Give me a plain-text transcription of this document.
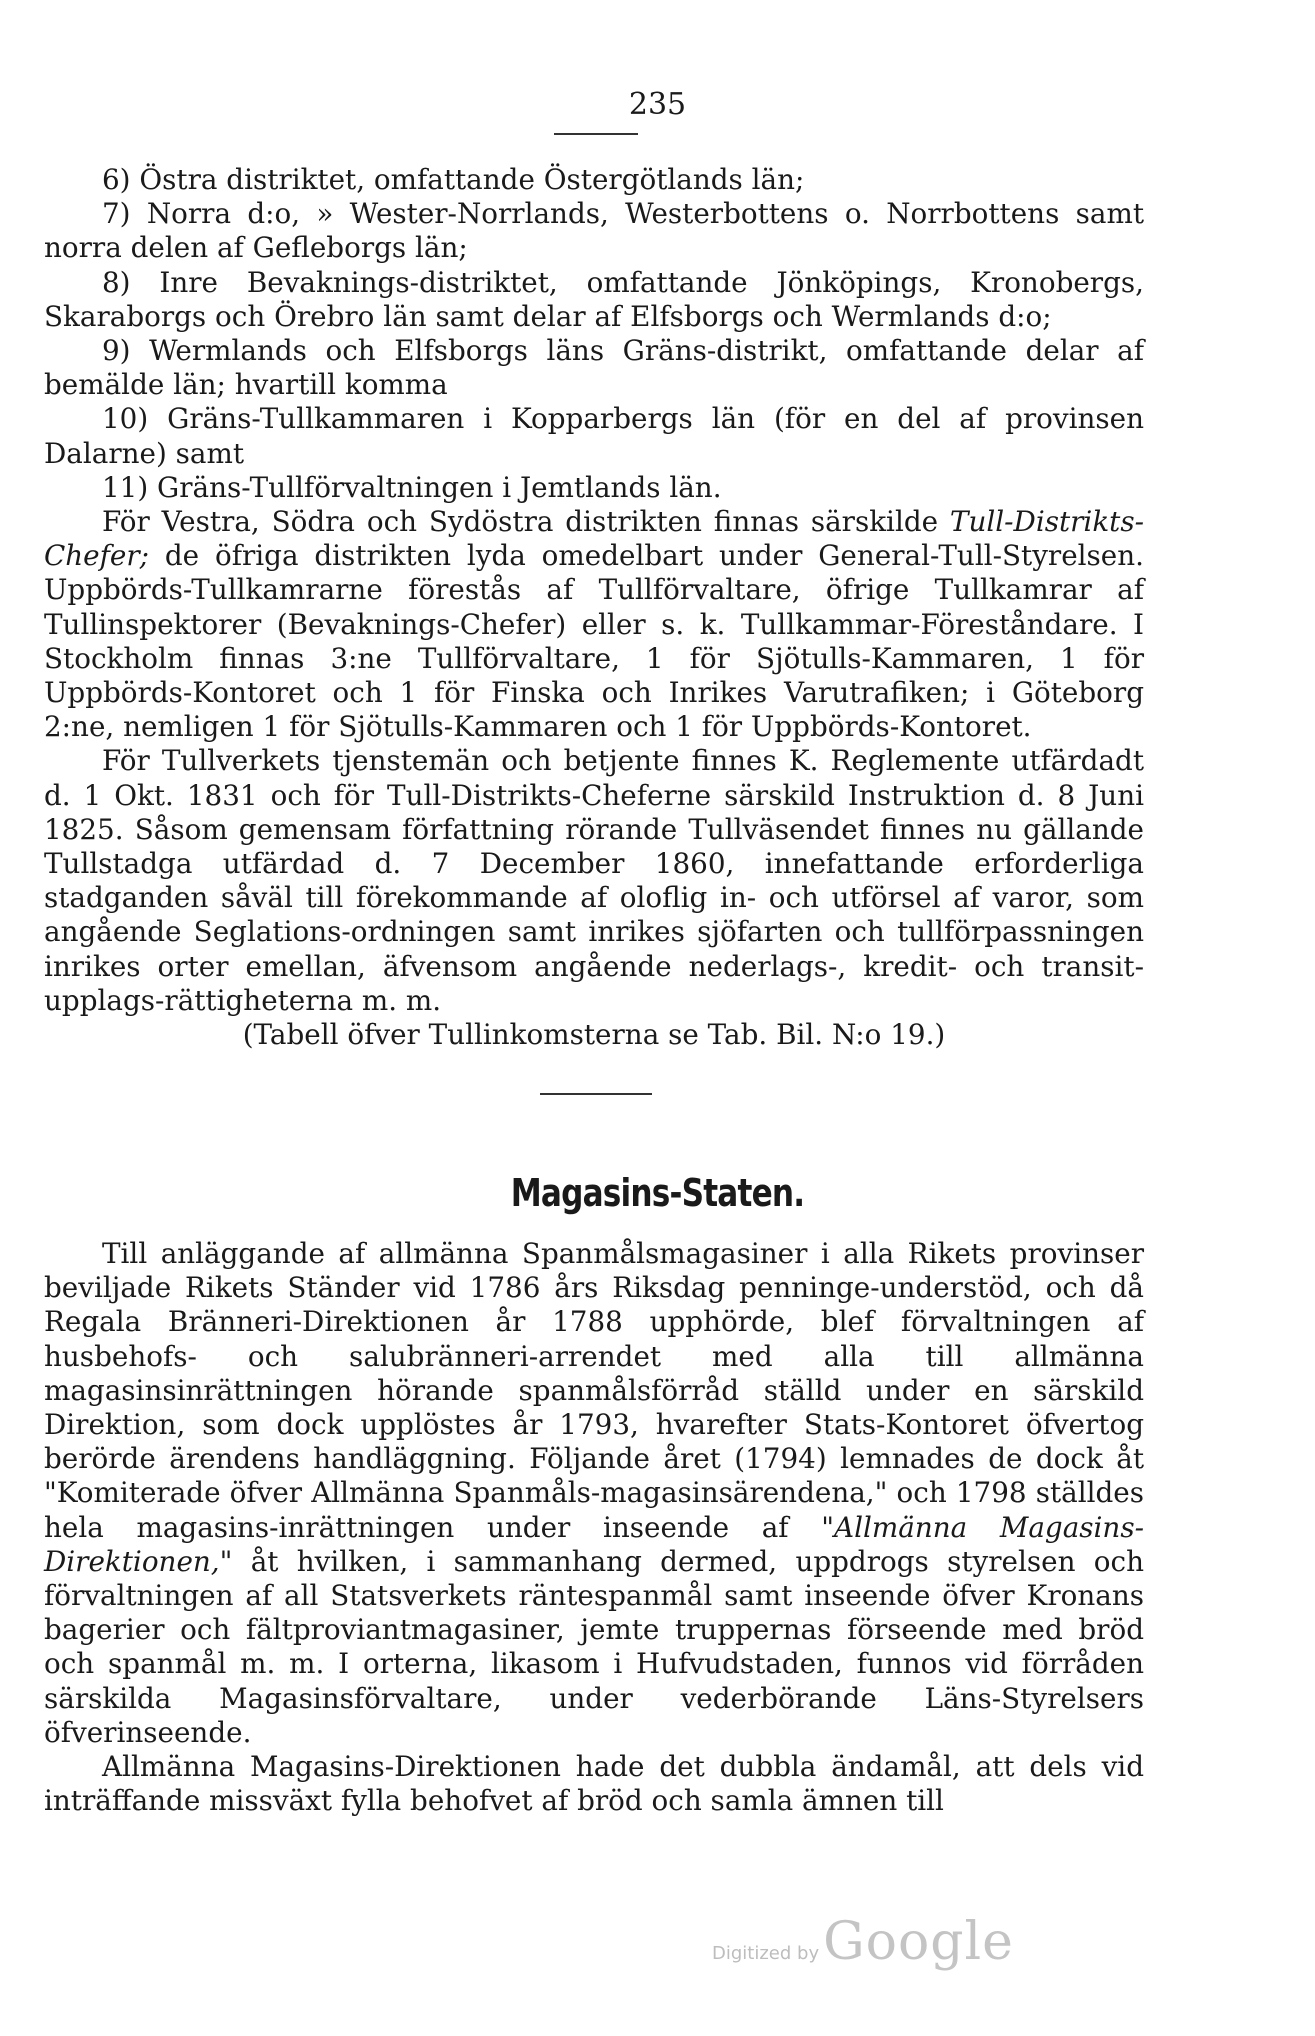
235

6) Östra distriktet, omfattande Östergötlands län;

7) Norra d:o, » Wester-Norrlands, Westerbottens o. Norrbottens samt norra delen af Gefleborgs län;

8) Inre Bevaknings-distriktet, omfattande Jönköpings, Kronobergs, Skaraborgs och Örebro län samt delar af Elfsborgs och Wermlands d:o;

9) Wermlands och Elfsborgs läns Gräns-distrikt, omfattande delar af bemälde län; hvartill komma

10) Gräns-Tullkammaren i Kopparbergs län (för en del af provinsen Dalarne) samt

11) Gräns-Tullförvaltningen i Jemtlands län.

För Vestra, Södra och Sydöstra distrikten finnas särskilde Tull-Distrikts-Chefer; de öfriga distrikten lyda omedelbart under General-Tull-Styrelsen. Uppbörds-Tullkamrarne förestås af Tullförvaltare, öfrige Tullkamrar af Tullinspektorer (Bevaknings-Chefer) eller s. k. Tullkammar-Föreståndare. I Stockholm finnas 3:ne Tullförvaltare, 1 för Sjötulls-Kammaren, 1 för Uppbörds-Kontoret och 1 för Finska och Inrikes Varutrafiken; i Göteborg 2:ne, nemligen 1 för Sjötulls-Kammaren och 1 för Uppbörds-Kontoret.

För Tullverkets tjenstemän och betjente finnes K. Reglemente utfärdadt d. 1 Okt. 1831 och för Tull-Distrikts-Cheferne särskild Instruktion d. 8 Juni 1825. Såsom gemensam författning rörande Tullväsendet finnes nu gällande Tullstadga utfärdad d. 7 December 1860, innefattande erforderliga stadganden såväl till förekommande af oloflig in- och utförsel af varor, som angående Seglations-ordningen samt inrikes sjöfarten och tullförpassningen inrikes orter emellan, äfvensom angående nederlags-, kredit- och transit-upplags-rättigheterna m. m.

(Tabell öfver Tullinkomsterna se Tab. Bil. N:o 19.)

Magasins-Staten.

Till anläggande af allmänna Spanmålsmagasiner i alla Rikets provinser beviljade Rikets Ständer vid 1786 års Riksdag penninge-understöd, och då Regala Bränneri-Direktionen år 1788 upphörde, blef förvaltningen af husbehofs- och salubränneri-arrendet med alla till allmänna magasinsinrättningen hörande spanmålsförråd ställd under en särskild Direktion, som dock upplöstes år 1793, hvarefter Stats-Kontoret öfvertog berörde ärendens handläggning. Följande året (1794) lemnades de dock åt "Komiterade öfver Allmänna Spanmåls-magasinsärendena," och 1798 ställdes hela magasins-inrättningen under inseende af "Allmänna Magasins-Direktionen," åt hvilken, i sammanhang dermed, uppdrogs styrelsen och förvaltningen af all Statsverkets räntespanmål samt inseende öfver Kronans bagerier och fältproviantmagasiner, jemte truppernas förseende med bröd och spanmål m. m. I orterna, likasom i Hufvudstaden, funnos vid förråden särskilda Magasinsförvaltare, under vederbörande Läns-Styrelsers öfverinseende.

Allmänna Magasins-Direktionen hade det dubbla ändamål, att dels vid inträffande missväxt fylla behofvet af bröd och samla ämnen till

Digitized by Google
